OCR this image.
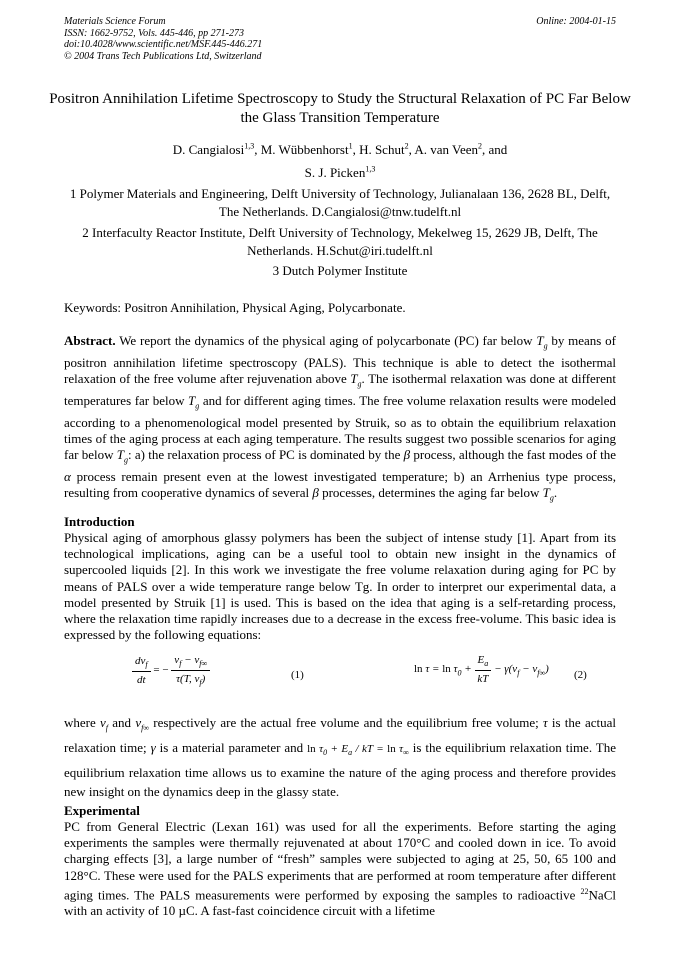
Materials Science Forum
ISSN: 1662-9752, Vols. 445-446, pp 271-273
doi:10.4028/www.scientific.net/MSF.445-446.271
© 2004 Trans Tech Publications Ltd, Switzerland
Online: 2004-01-15
Positron Annihilation Lifetime Spectroscopy to Study the Structural Relaxation of PC Far Below the Glass Transition Temperature
D. Cangialosi$^{1,3}$, M. Wübbenhorst$^1$, H. Schut$^2$, A. van Veen$^2$, and
S. J. Picken$^{1,3}$
1 Polymer Materials and Engineering, Delft University of Technology, Julianalaan 136, 2628 BL, Delft, The Netherlands. D.Cangialosi@tnw.tudelft.nl
2 Interfaculty Reactor Institute, Delft University of Technology, Mekelweg 15, 2629 JB, Delft, The Netherlands. H.Schut@iri.tudelft.nl
3 Dutch Polymer Institute
Keywords: Positron Annihilation, Physical Aging, Polycarbonate.
Abstract. We report the dynamics of the physical aging of polycarbonate (PC) far below $T_g$ by means of positron annihilation lifetime spectroscopy (PALS). This technique is able to detect the isothermal relaxation of the free volume after rejuvenation above $T_g$. The isothermal relaxation was done at different temperatures far below $T_g$ and for different aging times. The free volume relaxation results were modeled according to a phenomenological model presented by Struik, so as to obtain the equilibrium relaxation times of the aging process at each aging temperature. The results suggest two possible scenarios for aging far below $T_g$: a) the relaxation process of PC is dominated by the β process, although the fast modes of the α process remain present even at the lowest investigated temperature; b) an Arrhenius type process, resulting from cooperative dynamics of several β processes, determines the aging far below $T_g$.
Introduction
Physical aging of amorphous glassy polymers has been the subject of intense study [1]. Apart from its technological implications, aging can be a useful tool to obtain new insight in the dynamics of supercooled liquids [2]. In this work we investigate the free volume relaxation during aging for PC by means of PALS over a wide temperature range below Tg. In order to interpret our experimental data, a model presented by Struik [1] is used. This is based on the idea that aging is a self-retarding process, where the relaxation time rapidly increases due to a decrease in the excess free-volume. This basic idea is expressed by the following equations:
$\frac{dv_f}{dt}$ = − $\frac{v_f - v_{f\infty}}{\tau(T, v_f)}$	(1)	$\ln \tau = \ln \tau_0 + \frac{E_a}{kT} - \gamma(v_f - v_{f\infty})$ (2)
where $v_f$ and $v_{f\infty}$ respectively are the actual free volume and the equilibrium free volume; τ is the actual relaxation time; γ is a material parameter and $\ln \tau_0 + E_a$ / kT = $\ln \tau_\infty$ is the equilibrium relaxation time. The equilibrium relaxation time allows us to examine the nature of the aging process and therefore provides new insight on the dynamics deep in the glassy state.
Experimental
PC from General Electric (Lexan 161) was used for all the experiments. Before starting the aging experiments the samples were thermally rejuvenated at about 170°C and cooled down in ice. To avoid charging effects [3], a large number of “fresh” samples were subjected to aging at 25, 50, 65 100 and 128°C. These were used for the PALS experiments that are performed at room temperature after different aging times. The PALS measurements were performed by exposing the samples to radioactive $^{22}$NaCl with an activity of 10 µC. A fast-fast coincidence circuit with a lifetime
